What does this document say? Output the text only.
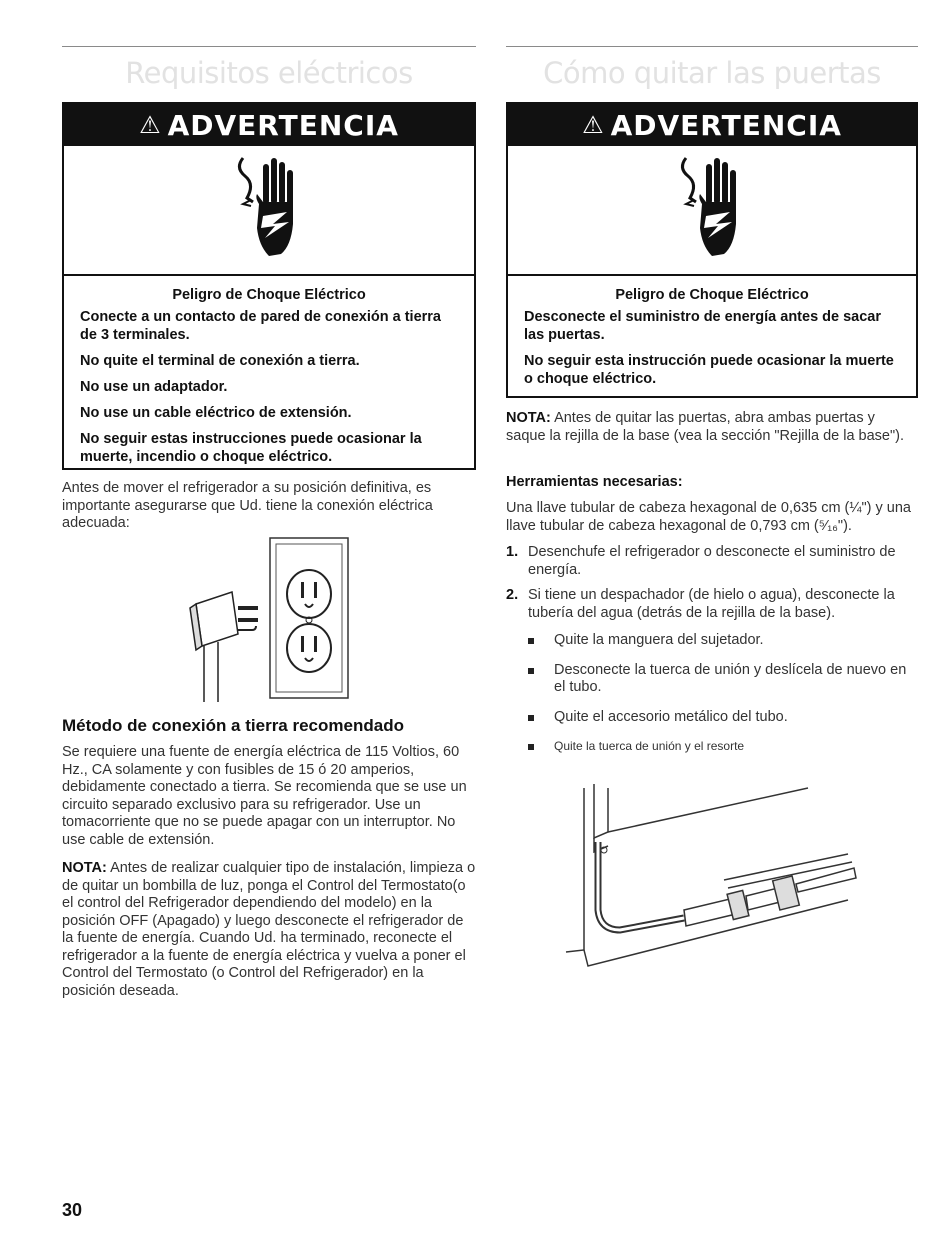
Requisitos eléctricos
⚠ ADVERTENCIA
Peligro de Choque Eléctrico

Conecte a un contacto de pared de conexión a tierra de 3 terminales.

No quite el terminal de conexión a tierra.

No use un adaptador.

No use un cable eléctrico de extensión.

No seguir estas instrucciones puede ocasionar la muerte, incendio o choque eléctrico.

Antes de mover el refrigerador a su posición definitiva, es importante asegurarse que Ud. tiene la conexión eléctrica adecuada:

Método de conexión a tierra recomendado

Se requiere una fuente de energía eléctrica de 115 Voltios, 60 Hz., CA solamente y con fusibles de 15 ó 20 amperios, debidamente conectado a tierra. Se recomienda que se use un circuito separado exclusivo para su refrigerador. Use un tomacorriente que no se puede apagar con un interruptor. No use cable de extensión.

NOTA: Antes de realizar cualquier tipo de instalación, limpieza o de quitar un bombilla de luz, ponga el Control del Termostato(o el control del Refrigerador dependiendo del modelo) en la posición OFF (Apagado) y luego desconecte el refrigerador de la fuente de energía. Cuando Ud. ha terminado, reconecte el refrigerador a la fuente de energía eléctrica y vuelva a poner el Control del Termostato (o Control del Refrigerador) en la posición deseada.

Cómo quitar las puertas
⚠ ADVERTENCIA
Peligro de Choque Eléctrico

Desconecte el suministro de energía antes de sacar las puertas.

No seguir esta instrucción puede ocasionar la muerte o choque eléctrico.

NOTA: Antes de quitar las puertas, abra ambas puertas y saque la rejilla de la base (vea la sección "Rejilla de la base").

Herramientas necesarias:

Una llave tubular de cabeza hexagonal de 0,635 cm (¼") y una llave tubular de cabeza hexagonal de 0,793 cm (⁵⁄₁₆").

1. Desenchufe el refrigerador o desconecte el suministro de energía.
2. Si tiene un despachador (de hielo o agua), desconecte la tubería del agua (detrás de la rejilla de la base).
Quite la manguera del sujetador.
Desconecte la tuerca de unión y deslícela de nuevo en el tubo.
Quite el accesorio metálico del tubo.
Quite la tuerca de unión y el resorte
30
